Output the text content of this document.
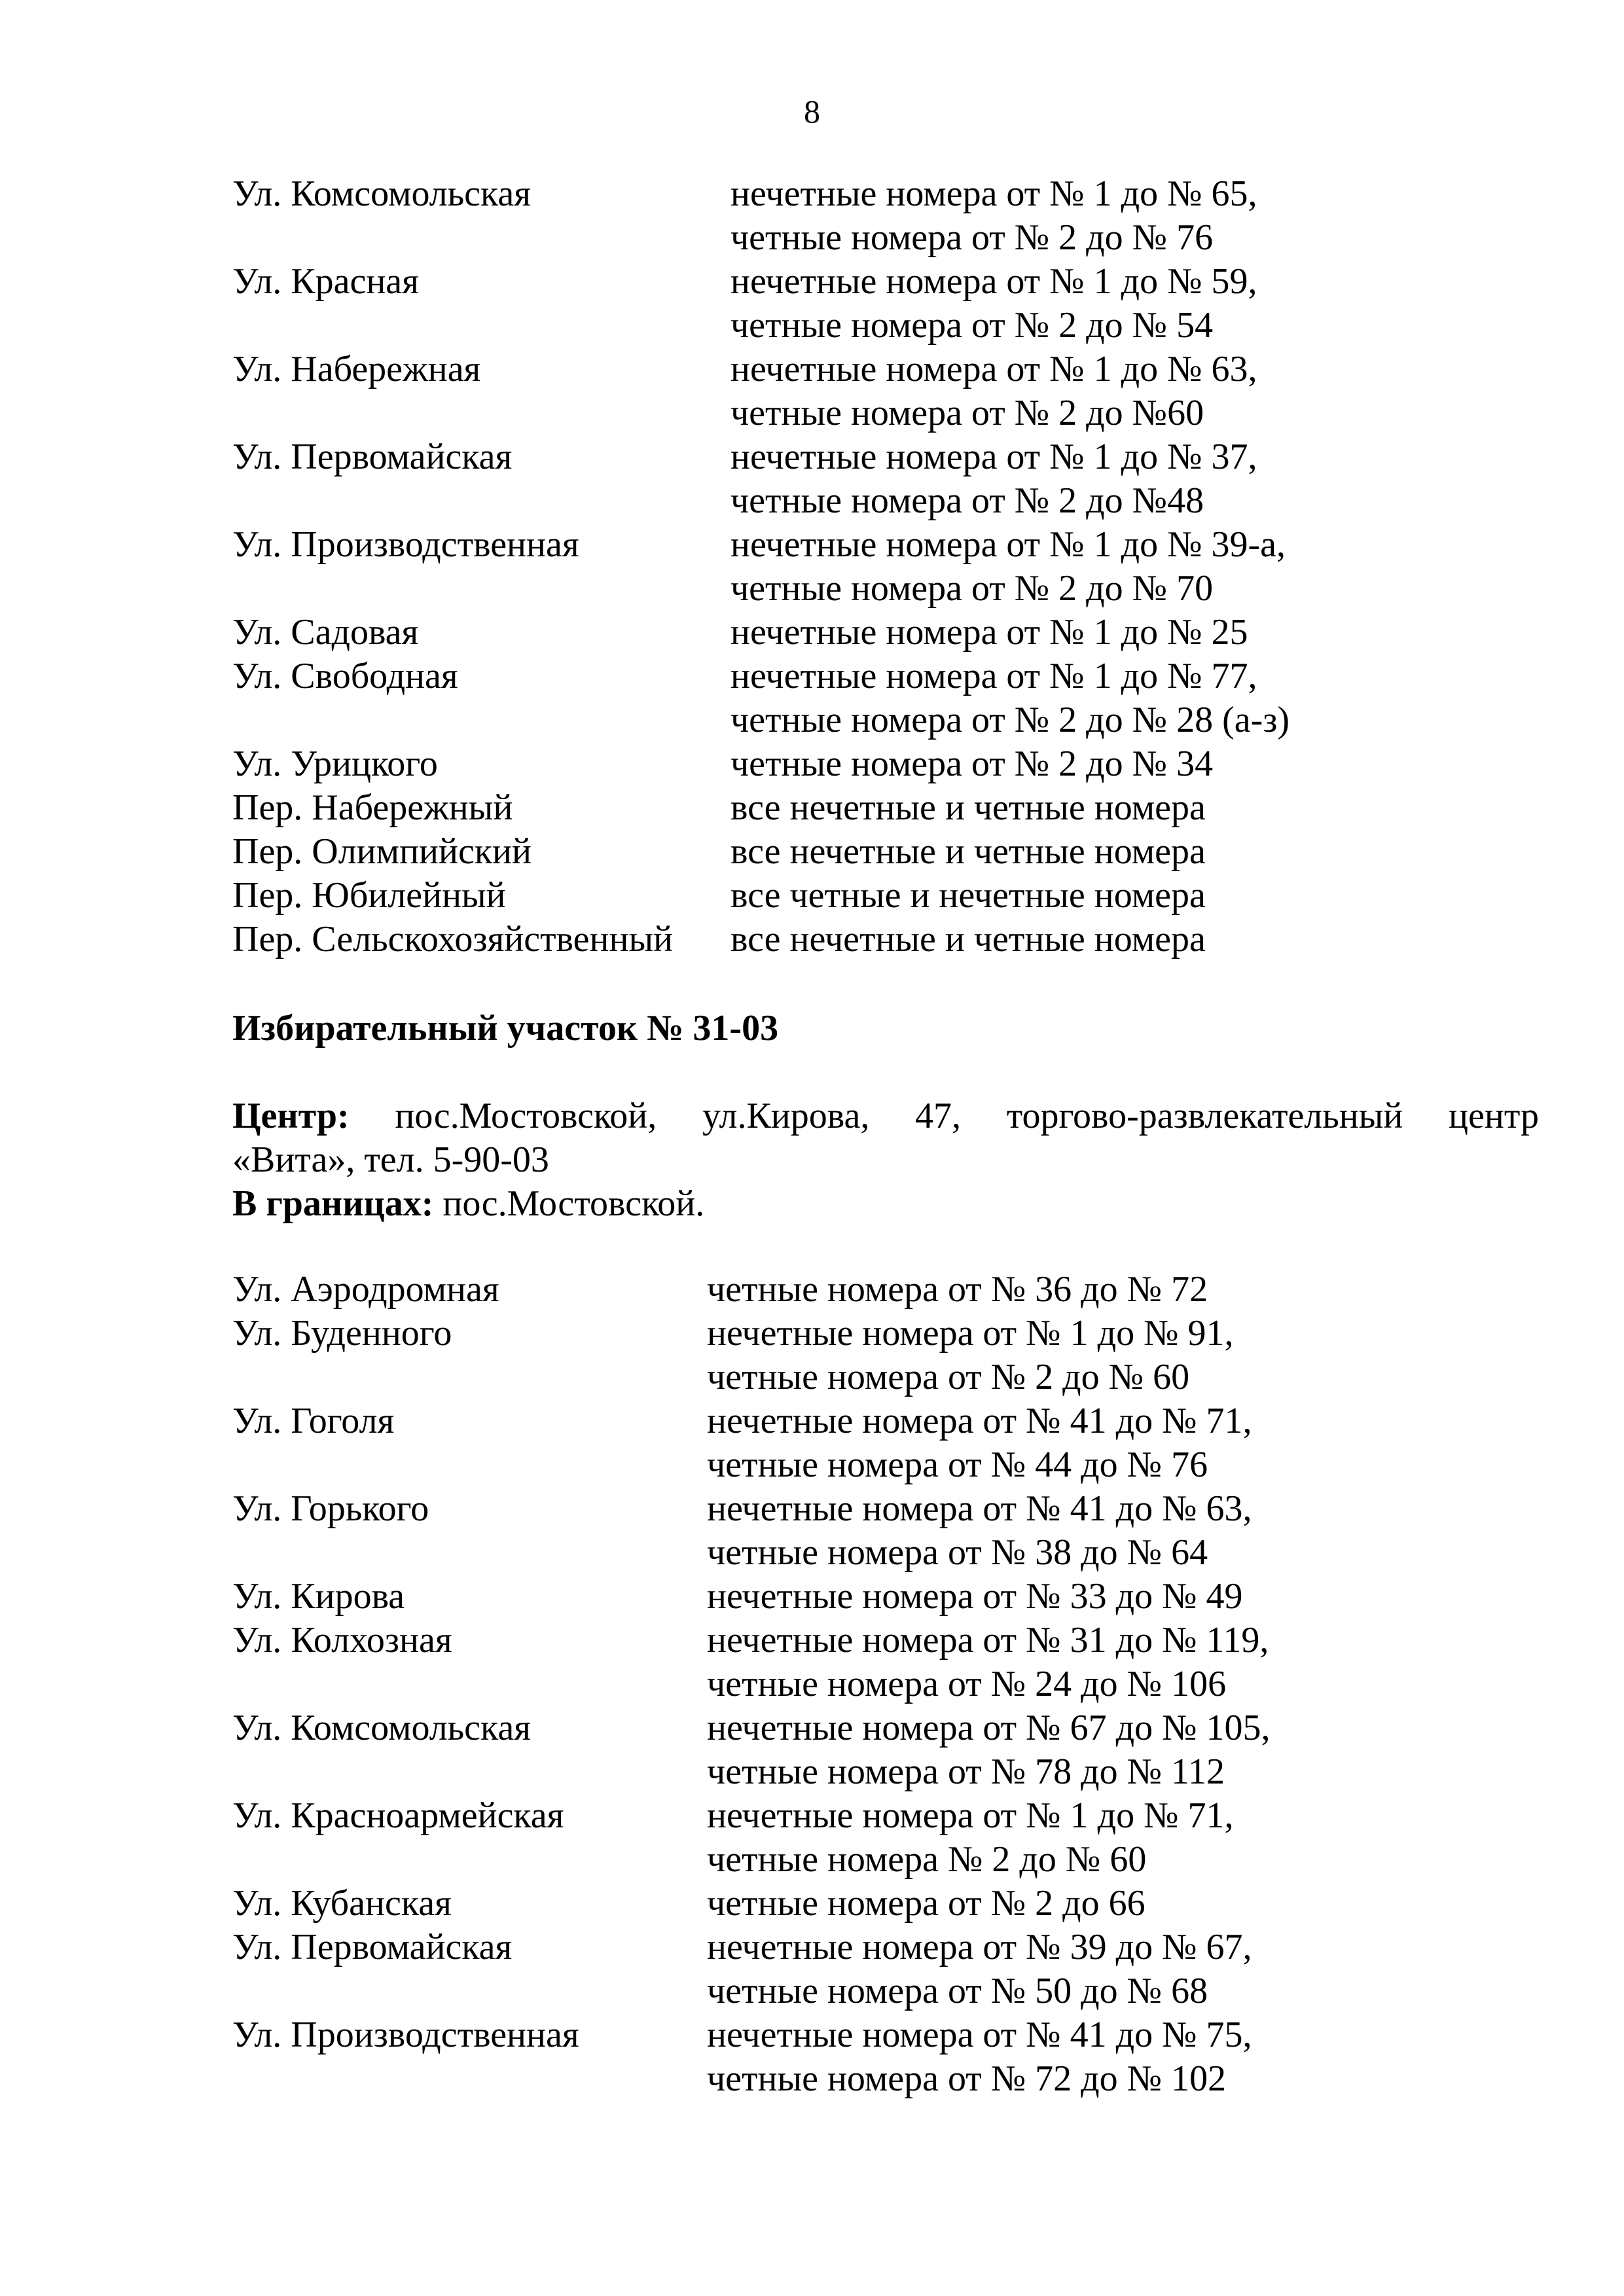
8
Ул. Комсомольская	нечетные номера от № 1 до № 65,
четные номера от № 2 до № 76
Ул. Красная	нечетные номера от № 1 до № 59,
четные номера от № 2 до № 54
Ул. Набережная	нечетные номера от № 1 до № 63,
четные номера от № 2 до №60
Ул. Первомайская	нечетные номера от № 1 до № 37,
четные номера от № 2 до №48
Ул. Производственная	нечетные номера от № 1 до № 39-а,
четные номера от № 2 до № 70
Ул. Садовая	нечетные номера от № 1 до № 25
Ул. Свободная	нечетные номера от № 1 до № 77,
четные номера от № 2 до № 28 (а-з)
Ул. Урицкого	четные номера от № 2 до № 34
Пер. Набережный	все нечетные и четные номера
Пер. Олимпийский	все нечетные и четные номера
Пер. Юбилейный	все четные и нечетные номера
Пер. Сельскохозяйственный	все нечетные и четные номера
Избирательный участок № 31-03
Центр: пос.Мостовской, ул.Кирова, 47, торгово-развлекательный центр
«Вита», тел. 5-90-03
В границах: пос.Мостовской.
Ул. Аэродромная	четные номера от № 36 до № 72
Ул. Буденного	нечетные номера от № 1 до № 91,
четные номера от № 2 до № 60
Ул. Гоголя	нечетные номера от № 41 до № 71,
четные номера от № 44 до № 76
Ул. Горького	нечетные номера от № 41 до № 63,
четные номера от № 38 до № 64
Ул. Кирова	нечетные номера от № 33 до № 49
Ул. Колхозная	нечетные номера от № 31 до № 119,
четные номера от № 24 до № 106
Ул. Комсомольская	нечетные номера от № 67 до № 105,
четные номера от № 78 до № 112
Ул. Красноармейская	нечетные номера от № 1 до № 71,
четные номера № 2 до № 60
Ул. Кубанская	четные номера от № 2 до 66
Ул. Первомайская	нечетные номера от № 39 до № 67,
четные номера от № 50 до № 68
Ул. Производственная	нечетные номера от № 41 до № 75,
четные номера от № 72 до № 102
